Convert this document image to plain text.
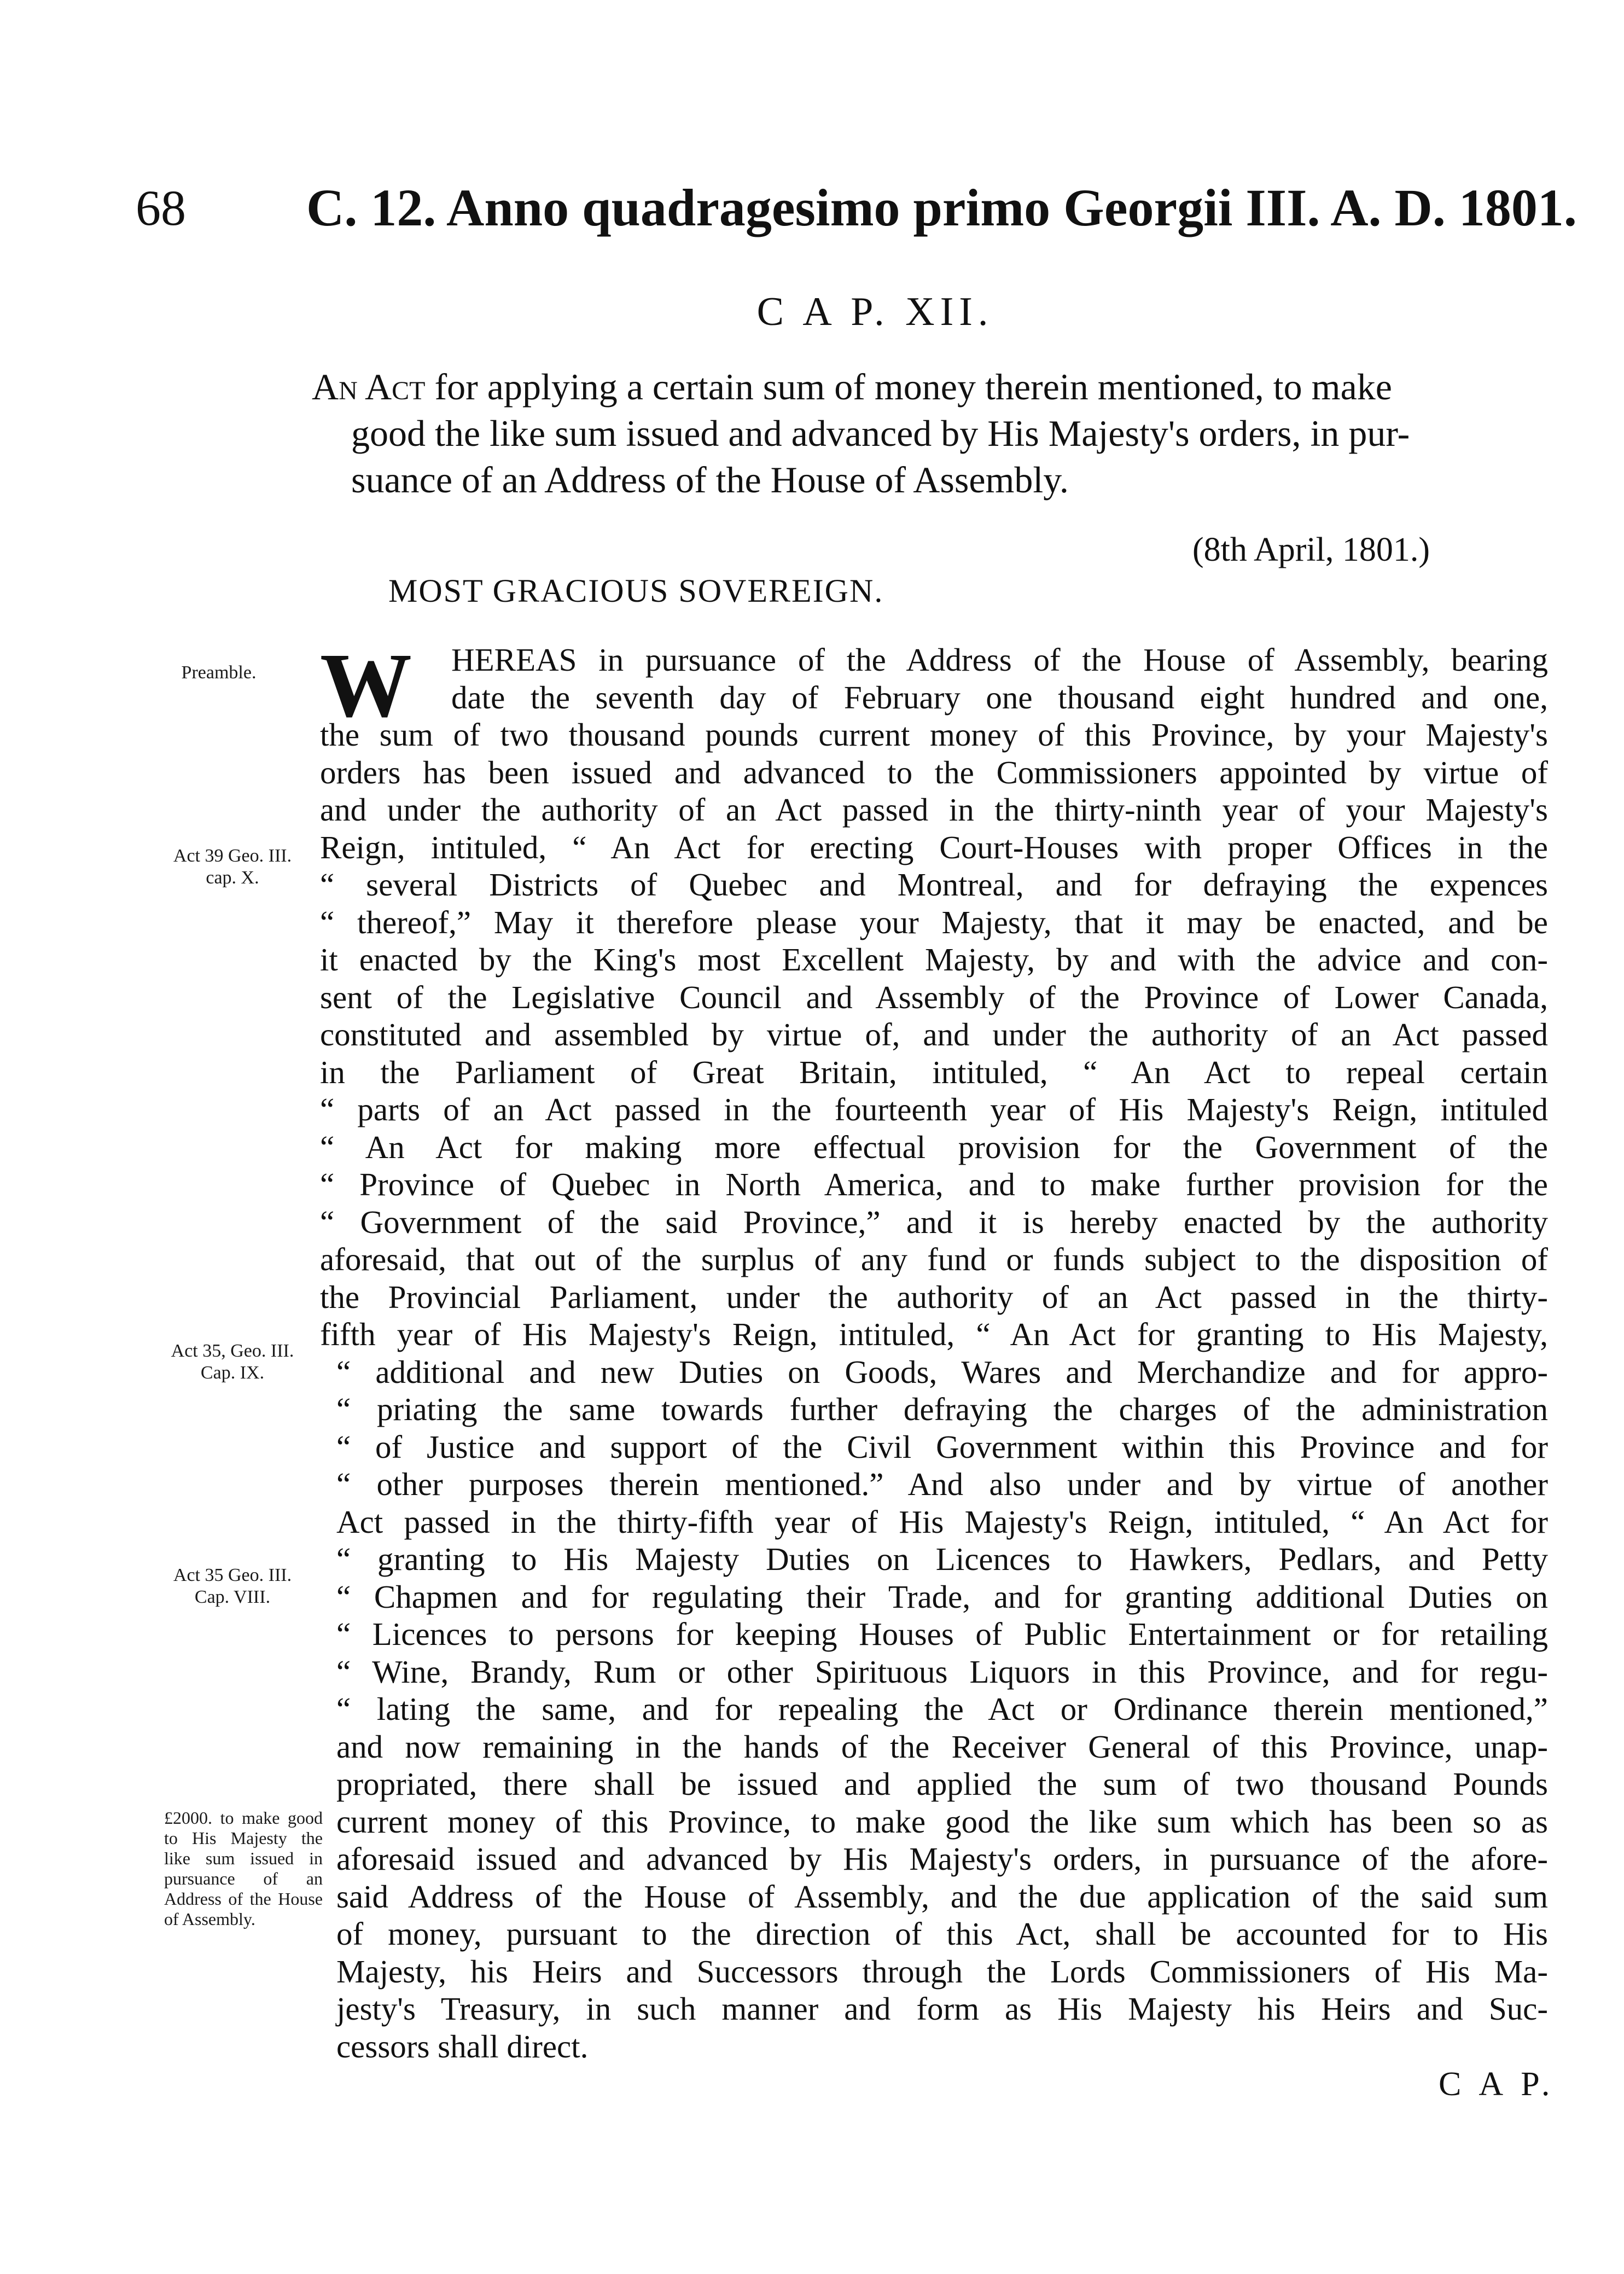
68 C. 12. Anno quadragesimo primo Georgii III. A. D. 1801.
C A P. XII.
An Act for applying a certain sum of money therein mentioned, to make
good the like sum issued and advanced by His Majesty's orders, in pur-
suance of an Address of the House of Assembly.
(8th April, 1801.)
MOST GRACIOUS SOVEREIGN.
Preamble.
Act 39 Geo. III. cap. X.
Act 35, Geo. III. Cap. IX.
Act 35 Geo. III. Cap. VIII.
£2000. to make good to His Majesty the like sum issued in pursuance of an Address of the House of Assembly.
W	HEREAS in pursuance of the Address of the House of Assembly, bearing
date the seventh day of February one thousand eight hundred and one,
the sum of two thousand pounds current money of this Province, by your Majesty's
orders has been issued and advanced to the Commissioners appointed by virtue of
and under the authority of an Act passed in the thirty-ninth year of your Majesty's
Reign, intituled, “ An Act for erecting Court-Houses with proper Offices in the
“ several Districts of Quebec and Montreal, and for defraying the expences
“ thereof,” May it therefore please your Majesty, that it may be enacted, and be
it enacted by the King's most Excellent Majesty, by and with the advice and con-
sent of the Legislative Council and Assembly of the Province of Lower Canada,
constituted and assembled by virtue of, and under the authority of an Act passed
in the Parliament of Great Britain, intituled, “ An Act to repeal certain
“ parts of an Act passed in the fourteenth year of His Majesty's Reign, intituled
“ An Act for making more effectual provision for the Government of the
“ Province of Quebec in North America, and to make further provision for the
“ Government of the said Province,” and it is hereby enacted by the authority
aforesaid, that out of the surplus of any fund or funds subject to the disposition of
the Provincial Parliament, under the authority of an Act passed in the thirty-
fifth year of His Majesty's Reign, intituled, “ An Act for granting to His Majesty,
“ additional and new Duties on Goods, Wares and Merchandize and for appro-
“ priating the same towards further defraying the charges of the administration
“ of Justice and support of the Civil Government within this Province and for
“ other purposes therein mentioned.” And also under and by virtue of another
Act passed in the thirty-fifth year of His Majesty's Reign, intituled, “ An Act for
“ granting to His Majesty Duties on Licences to Hawkers, Pedlars, and Petty
“ Chapmen and for regulating their Trade, and for granting additional Duties on
“ Licences to persons for keeping Houses of Public Entertainment or for retailing
“ Wine, Brandy, Rum or other Spirituous Liquors in this Province, and for regu-
“ lating the same, and for repealing the Act or Ordinance therein mentioned,”
and now remaining in the hands of the Receiver General of this Province, unap-
propriated, there shall be issued and applied the sum of two thousand Pounds
current money of this Province, to make good the like sum which has been so as
aforesaid issued and advanced by His Majesty's orders, in pursuance of the afore-
said Address of the House of Assembly, and the due application of the said sum
of money, pursuant to the direction of this Act, shall be accounted for to His
Majesty, his Heirs and Successors through the Lords Commissioners of His Ma-
jesty's Treasury, in such manner and form as His Majesty his Heirs and Suc-
cessors shall direct.
C A P.
